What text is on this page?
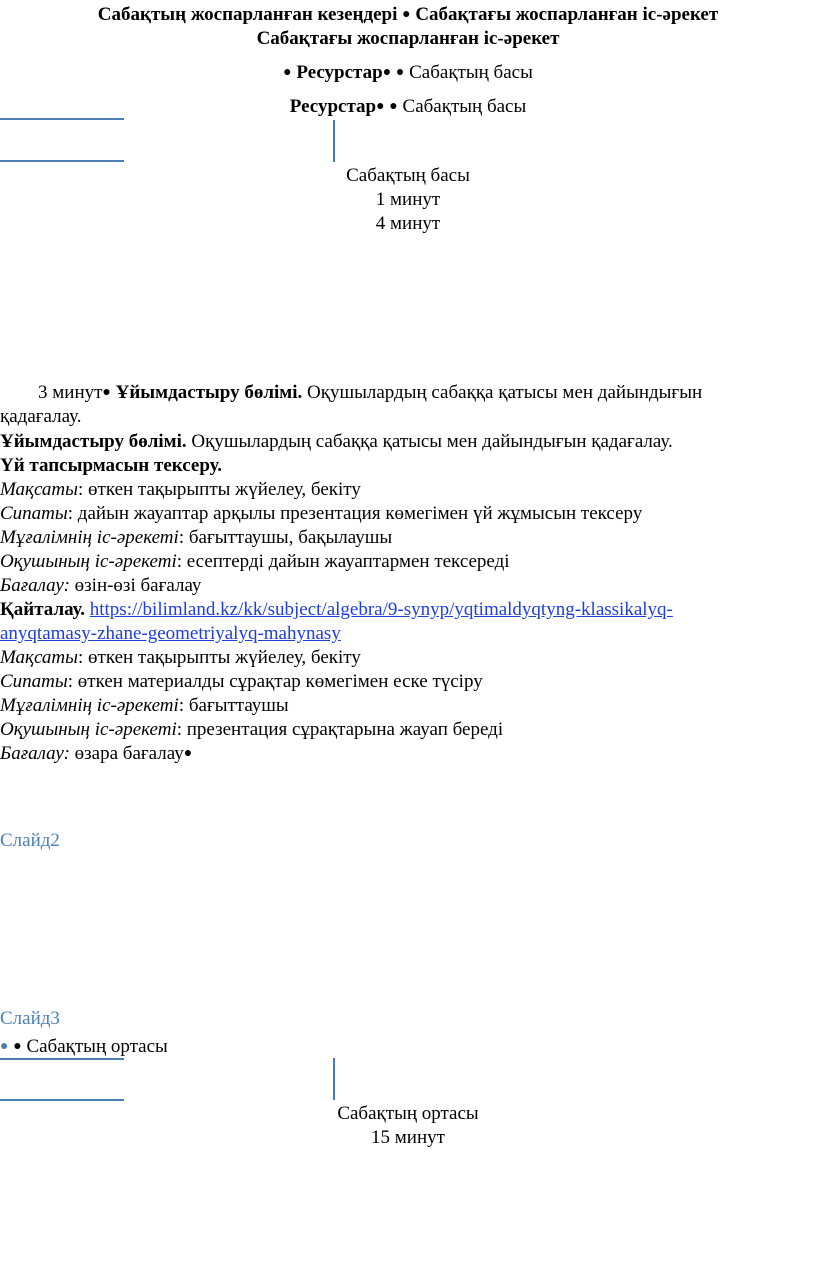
Сабақтың жоспарланған кезеңдері ● Сабақтағы жоспарланған іс-әрекет
Сабақтағы жоспарланған іс-әрекет
● Ресурстар● ● Сабақтың басы
Ресурстар● ● Сабақтың басы
Сабақтың басы
1 минут
4 минут
3 минут● Ұйымдастыру бөлімі. Оқушылардың сабаққа қатысы мен дайындығын
қадағалау.
Ұйымдастыру бөлімі. Оқушылардың сабаққа қатысы мен дайындығын қадағалау.
Үй тапсырмасын тексеру.
Мақсаты: өткен тақырыпты жүйелеу, бекіту
Сипаты: дайын жауаптар арқылы презентация көмегімен үй жұмысын тексеру
Мұғалімнің іс-әрекеті: бағыттаушы, бақылаушы
Оқушының іс-әрекеті: есептерді дайын жауаптармен тексереді
Бағалау: өзін-өзі бағалау
Қайталау. https://bilimland.kz/kk/subject/algebra/9-synyp/yqtimaldyqtyng-klassikalyq-
anyqtamasy-zhane-geometriyalyq-mahynasy
Мақсаты: өткен тақырыпты жүйелеу, бекіту
Сипаты: өткен материалды сұрақтар көмегімен еске түсіру
Мұғалімнің іс-әрекеті: бағыттаушы
Оқушының іс-әрекеті: презентация сұрақтарына жауап береді
Бағалау: өзара бағалау●
Слайд2
Слайд3
● ● Сабақтың ортасы
Сабақтың ортасы
15 минут
